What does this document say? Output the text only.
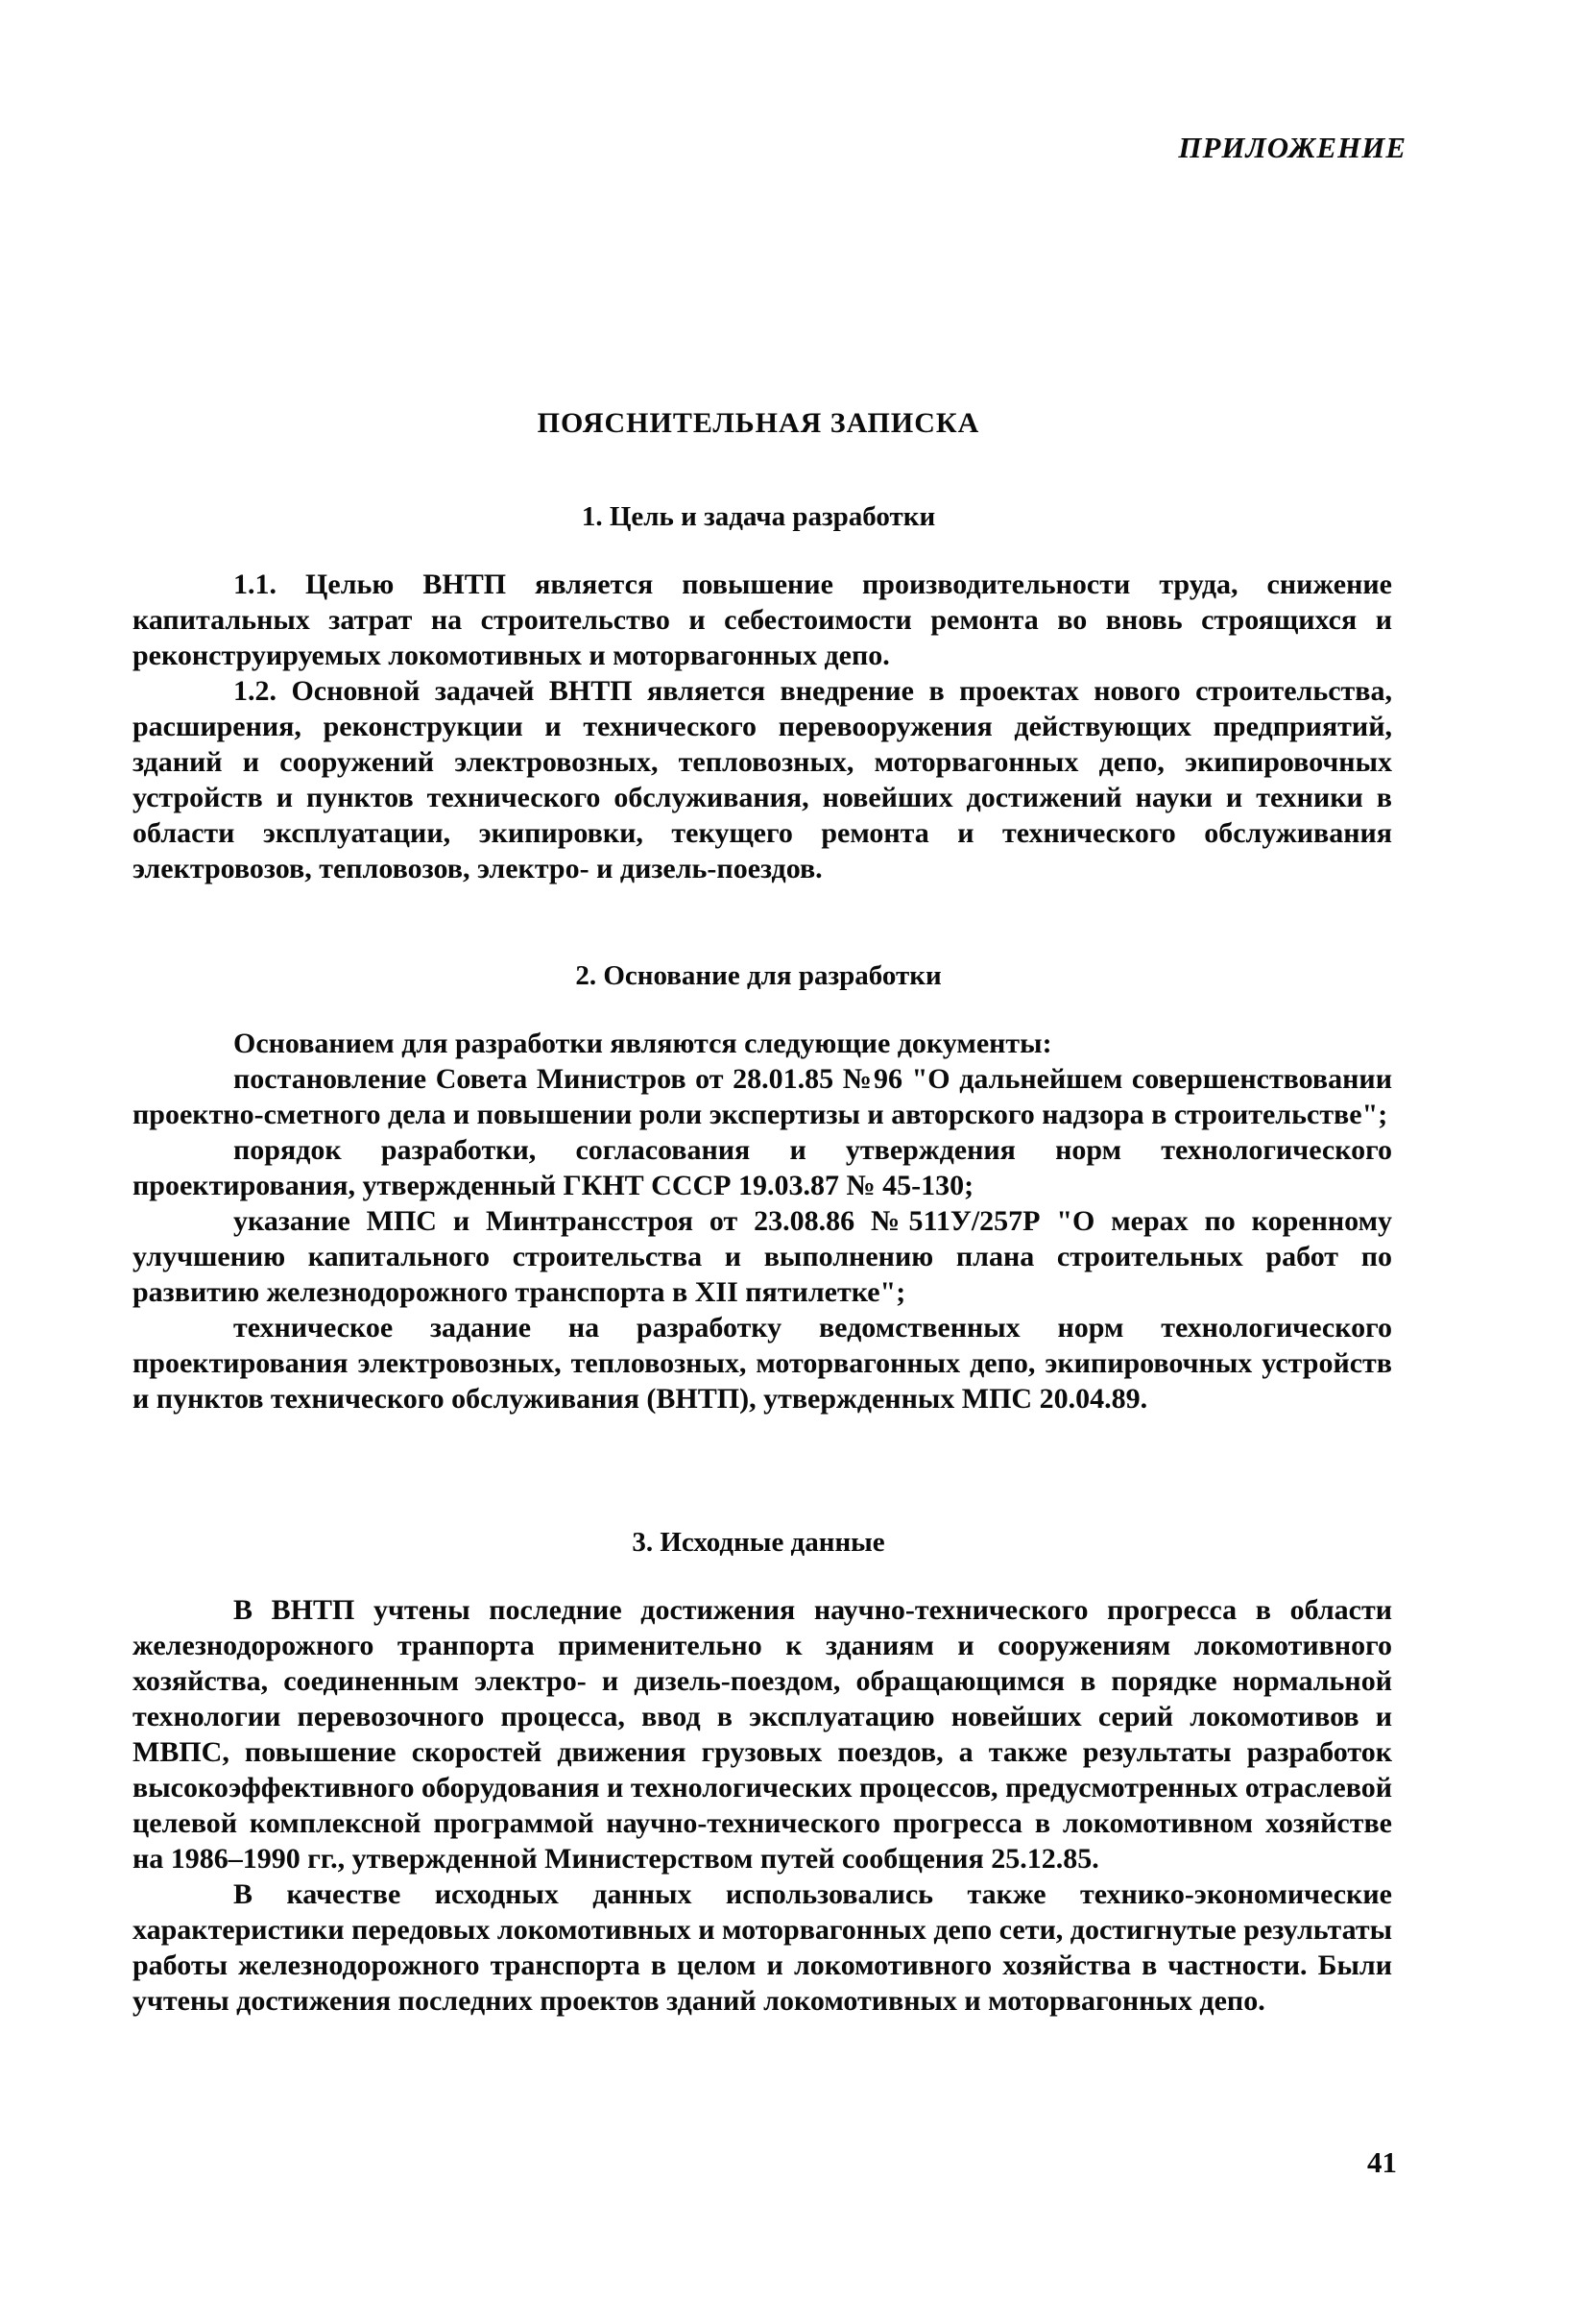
ПРИЛОЖЕНИЕ
ПОЯСНИТЕЛЬНАЯ ЗАПИСКА
1. Цель и задача разработки

1.1. Целью ВНТП является повышение производительности труда, снижение капитальных затрат на строительство и себестоимости ремонта во вновь строящихся и реконструируемых локомотивных и моторвагонных депо.

1.2. Основной задачей ВНТП является внедрение в проектах нового строительства, расширения, реконструкции и технического перевооружения действующих предприятий, зданий и сооружений электровозных, тепловозных, моторвагонных депо, экипировочных устройств и пунктов технического обслуживания, новейших достижений науки и техники в области эксплуатации, экипировки, текущего ремонта и технического обслуживания электровозов, тепловозов, электро- и дизель-поездов.

2. Основание для разработки

Основанием для разработки являются следующие документы:

постановление Совета Министров от 28.01.85 №96 "О дальнейшем совершенствовании проектно-сметного дела и повышении роли экспертизы и авторского надзора в строительстве";

порядок разработки, согласования и утверждения норм технологического проектирования, утвержденный ГКНТ СССР 19.03.87 № 45-130;

указание МПС и Минтрансстроя от 23.08.86 №511У/257Р "О мерах по коренному улучшению капитального строительства и выполнению плана строительных работ по развитию железнодорожного транспорта в XII пятилетке";

техническое задание на разработку ведомственных норм технологического проектирования электровозных, тепловозных, моторвагонных депо, экипировочных устройств и пунктов технического обслуживания (ВНТП), утвержденных МПС 20.04.89.

3. Исходные данные

В ВНТП учтены последние достижения научно-технического прогресса в области железнодорожного транпорта применительно к зданиям и сооружениям локомотивного хозяйства, соединенным электро- и дизель-поездом, обращающимся в порядке нормальной технологии перевозочного процесса, ввод в эксплуатацию новейших серий локомотивов и МВПС, повышение скоростей движения грузовых поездов, а также результаты разработок высокоэффективного оборудования и технологических процессов, предусмотренных отраслевой целевой комплексной программой научно-технического прогресса в локомотивном хозяйстве на 1986–1990 гг., утвержденной Министерством путей сообщения 25.12.85.

В качестве исходных данных использовались также технико-экономические характеристики передовых локомотивных и моторвагонных депо сети, достигнутые результаты работы железнодорожного транспорта в целом и локомотивного хозяйства в частности. Были учтены достижения последних проектов зданий локомотивных и моторвагонных депо.

41
